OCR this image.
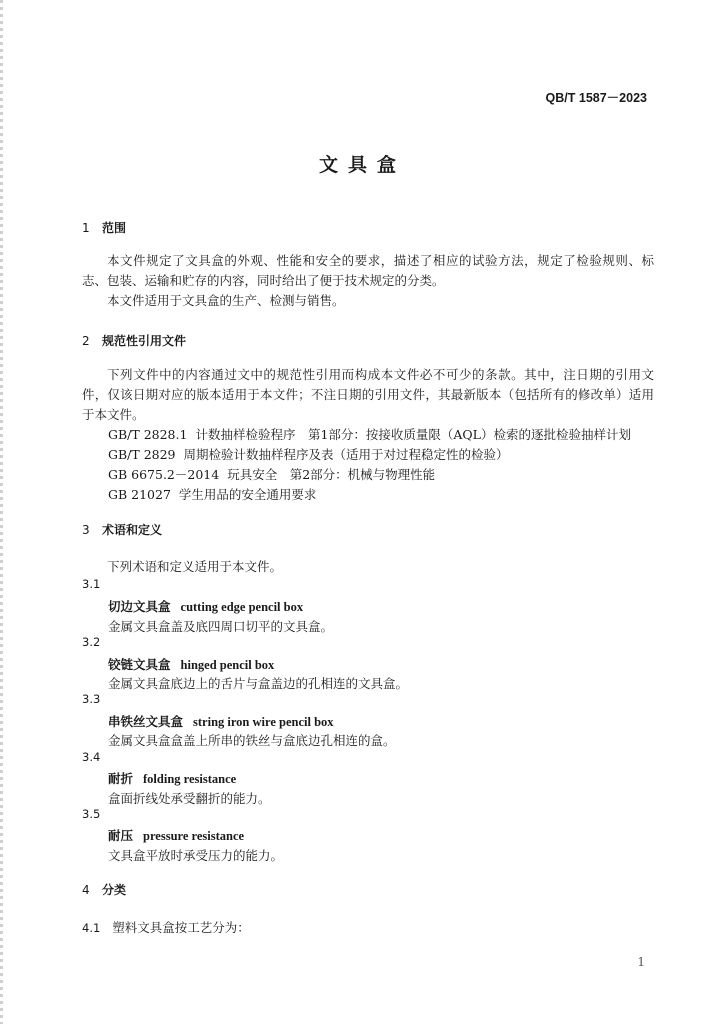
QB/T 1587－2023
文具盒
1 范围
本文件规定了文具盒的外观、性能和安全的要求，描述了相应的试验方法，规定了检验规则、标志、包装、运输和贮存的内容，同时给出了便于技术规定的分类。
本文件适用于文具盒的生产、检测与销售。
2 规范性引用文件
下列文件中的内容通过文中的规范性引用而构成本文件必不可少的条款。其中，注日期的引用文件，仅该日期对应的版本适用于本文件；不注日期的引用文件，其最新版本（包括所有的修改单）适用于本文件。
GB/T 2828.1 计数抽样检验程序　第1部分：按接收质量限（AQL）检索的逐批检验抽样计划
GB/T 2829 周期检验计数抽样程序及表（适用于对过程稳定性的检验）
GB 6675.2－2014 玩具安全　第2部分：机械与物理性能
GB 21027 学生用品的安全通用要求
3 术语和定义
下列术语和定义适用于本文件。
3.1
切边文具盒 cutting edge pencil box
金属文具盒盖及底四周口切平的文具盒。
3.2
铰链文具盒 hinged pencil box
金属文具盒底边上的舌片与盒盖边的孔相连的文具盒。
3.3
串铁丝文具盒 string iron wire pencil box
金属文具盒盒盖上所串的铁丝与盒底边孔相连的盒。
3.4
耐折 folding resistance
盒面折线处承受翻折的能力。
3.5
耐压 pressure resistance
文具盒平放时承受压力的能力。
4 分类
4.1 塑料文具盒按工艺分为：
1
